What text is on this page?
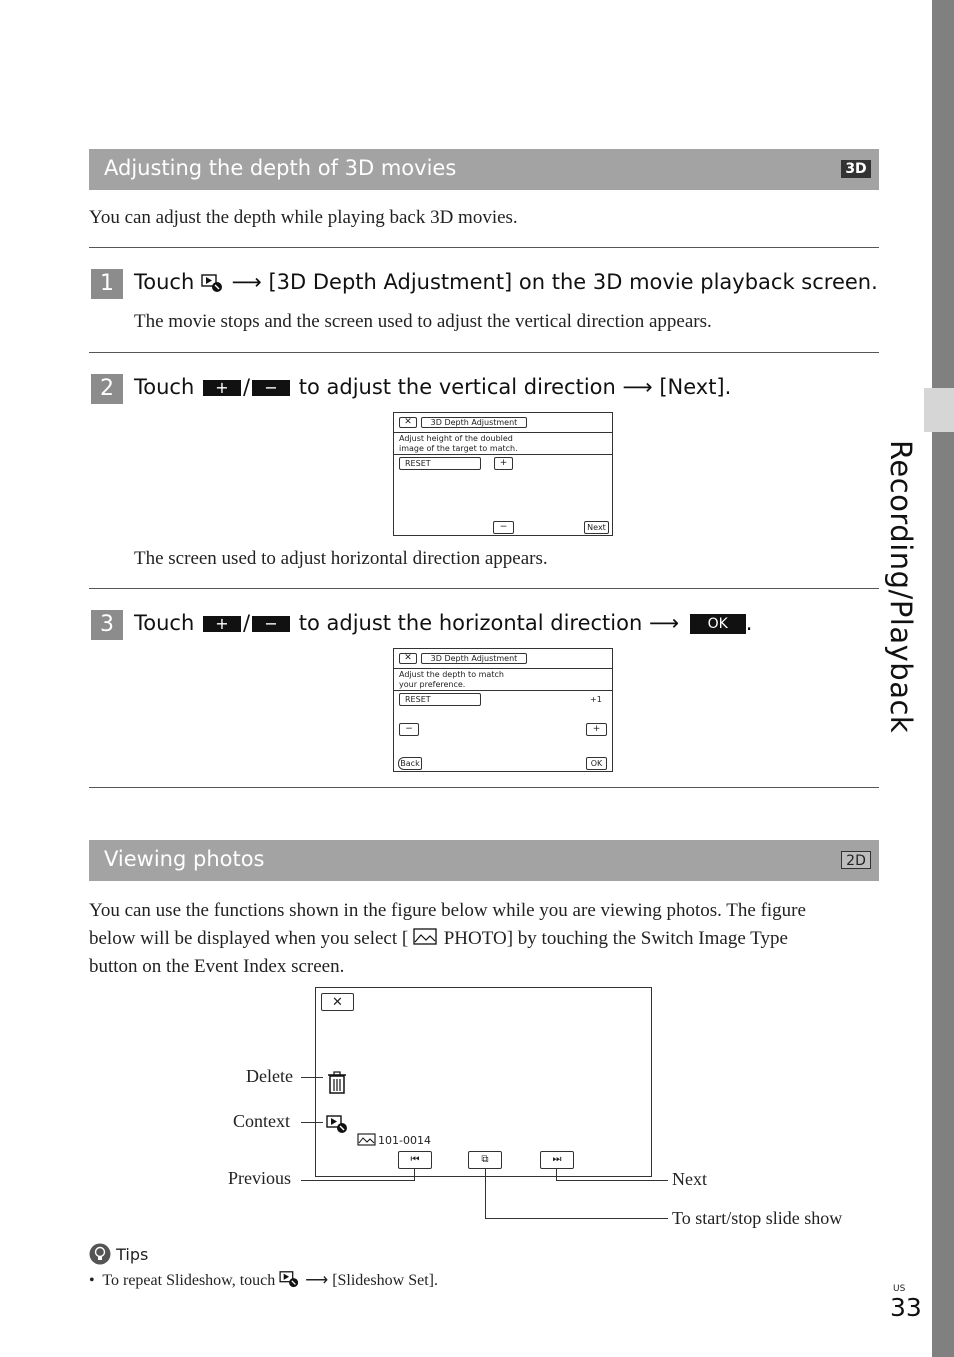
Recording/Playback
Adjusting the depth of 3D movies	3D
You can adjust the depth while playing back 3D movies.
1 Touch ⟶ [3D Depth Adjustment] on the 3D movie playback screen.
The movie stops and the screen used to adjust the vertical direction appears.
2 Touch + / − to adjust the vertical direction ⟶ [Next].
✕	3D Depth Adjustment
Adjust height of the doubled
image of the target to match.
RESET	+
−	Next
The screen used to adjust horizontal direction appears.
3 Touch + / − to adjust the horizontal direction ⟶ OK .
✕	3D Depth Adjustment
Adjust the depth to match
your preference.
RESET	+1
−	+
Back	OK
Viewing photos	2D
You can use the functions shown in the figure below while you are viewing photos. The figure
below will be displayed when you select [ PHOTO] by touching the Switch Image Type
button on the Event Index screen.
✕
101-0014
⏮	⧉	⏭
Delete
Context
Previous	Next
To start/stop slide show
Tips
• To repeat Slideshow, touch ⟶ [Slideshow Set].	US
33
